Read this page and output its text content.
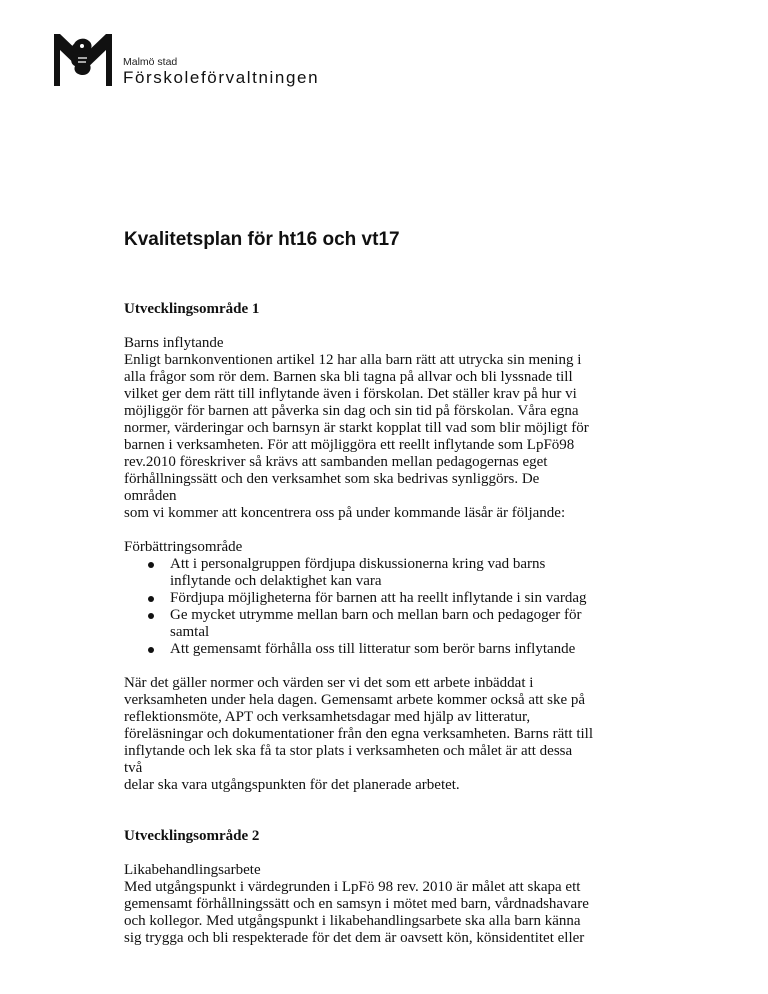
Malmö stad
Förskoleförvaltningen
Kvalitetsplan för ht16 och vt17
Utvecklingsområde 1

Barns inflytande

Enligt barnkonventionen artikel 12 har alla barn rätt att utrycka sin mening i
alla frågor som rör dem. Barnen ska bli tagna på allvar och bli lyssnade till
vilket ger dem rätt till inflytande även i förskolan. Det ställer krav på hur vi
möjliggör för barnen att påverka sin dag och sin tid på förskolan. Våra egna
normer, värderingar och barnsyn är starkt kopplat till vad som blir möjligt för
barnen i verksamheten. För att möjliggöra ett reellt inflytande som LpFö98
rev.2010 föreskriver så krävs att sambanden mellan pedagogernas eget
förhållningssätt och den verksamhet som ska bedrivas synliggörs. De områden
som vi kommer att koncentrera oss på under kommande läsår är följande:

Förbättringsområde

Att i personalgruppen fördjupa diskussionerna kring vad barns
inflytande och delaktighet kan vara
Fördjupa möjligheterna för barnen att ha reellt inflytande i sin vardag
Ge mycket utrymme mellan barn och mellan barn och pedagoger för
samtal
Att gemensamt förhålla oss till litteratur som berör barns inflytande
När det gäller normer och värden ser vi det som ett arbete inbäddat i
verksamheten under hela dagen. Gemensamt arbete kommer också att ske på
reflektionsmöte, APT och verksamhetsdagar med hjälp av litteratur,
föreläsningar och dokumentationer från den egna verksamheten. Barns rätt till
inflytande och lek ska få ta stor plats i verksamheten och målet är att dessa två
delar ska vara utgångspunkten för det planerade arbetet.
Utvecklingsområde 2

Likabehandlingsarbete

Med utgångspunkt i värdegrunden i LpFö 98 rev. 2010 är målet att skapa ett
gemensamt förhållningssätt och en samsyn i mötet med barn, vårdnadshavare
och kollegor. Med utgångspunkt i likabehandlingsarbete ska alla barn känna
sig trygga och bli respekterade för det dem är oavsett kön, könsidentitet eller
